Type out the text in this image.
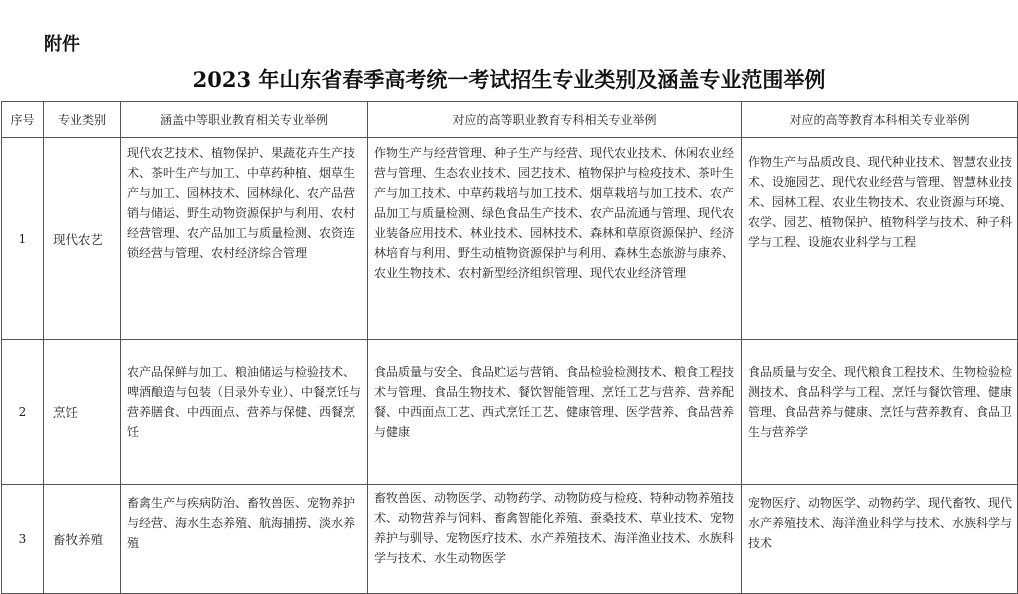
附件
2023 年山东省春季高考统一考试招生专业类别及涵盖专业范围举例
序号	专业类别	涵盖中等职业教育相关专业举例	对应的高等职业教育专科相关专业举例	对应的高等教育本科相关专业举例
1	现代农艺	现代农艺技术、植物保护、果蔬花卉生产技术、茶叶生产与加工、中草药种植、烟草生产与加工、园林技术、园林绿化、农产品营销与储运、野生动物资源保护与利用、农村经营管理、农产品加工与质量检测、农资连锁经营与管理、农村经济综合管理	作物生产与经营管理、种子生产与经营、现代农业技术、休闲农业经营与管理、生态农业技术、园艺技术、植物保护与检疫技术、茶叶生产与加工技术、中草药栽培与加工技术、烟草栽培与加工技术、农产品加工与质量检测、绿色食品生产技术、农产品流通与管理、现代农业装备应用技术、林业技术、园林技术、森林和草原资源保护、经济林培育与利用、野生动植物资源保护与利用、森林生态旅游与康养、农业生物技术、农村新型经济组织管理、现代农业经济管理	作物生产与品质改良、现代种业技术、智慧农业技术、设施园艺、现代农业经营与管理、智慧林业技术、园林工程、农业生物技术、农业资源与环境、农学、园艺、植物保护、植物科学与技术、种子科学与工程、设施农业科学与工程
2	烹饪	农产品保鲜与加工、粮油储运与检验技术、啤酒酿造与包装（目录外专业）、中餐烹饪与营养膳食、中西面点、营养与保健、西餐烹饪	食品质量与安全、食品贮运与营销、食品检验检测技术、粮食工程技术与管理、食品生物技术、餐饮智能管理、烹饪工艺与营养、营养配餐、中西面点工艺、西式烹饪工艺、健康管理、医学营养、食品营养与健康	食品质量与安全、现代粮食工程技术、生物检验检测技术、食品科学与工程、烹饪与餐饮管理、健康管理、食品营养与健康、烹饪与营养教育、食品卫生与营养学
3	畜牧养殖	畜禽生产与疾病防治、畜牧兽医、宠物养护与经营、海水生态养殖、航海捕捞、淡水养殖	畜牧兽医、动物医学、动物药学、动物防疫与检疫、特种动物养殖技术、动物营养与饲料、畜禽智能化养殖、蚕桑技术、草业技术、宠物养护与驯导、宠物医疗技术、水产养殖技术、海洋渔业技术、水族科学与技术、水生动物医学	宠物医疗、动物医学、动物药学、现代畜牧、现代水产养殖技术、海洋渔业科学与技术、水族科学与技术
